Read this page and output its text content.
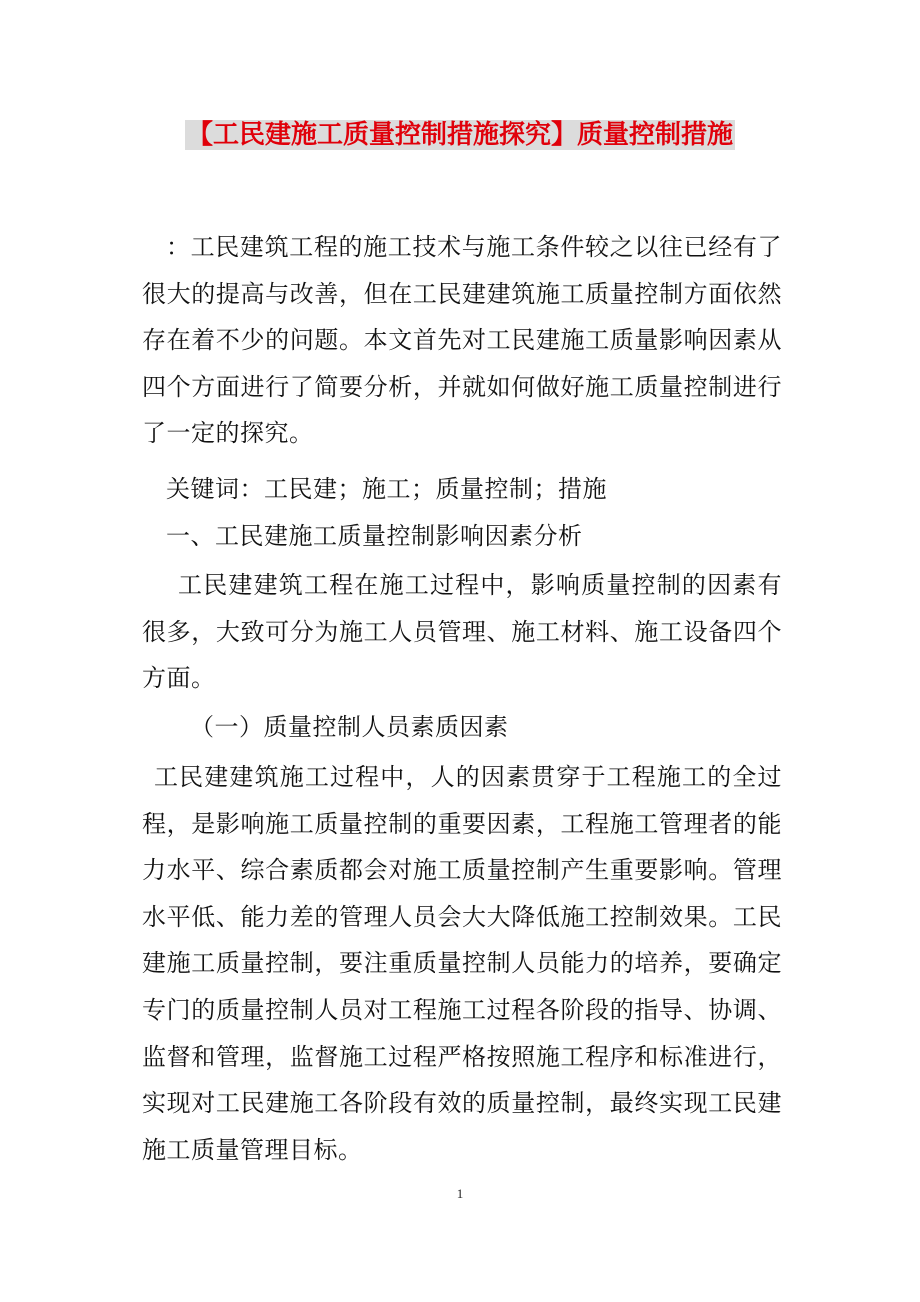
【工民建施工质量控制措施探究】质量控制措施
：工民建筑工程的施工技术与施工条件较之以往已经有了很大的提高与改善，但在工民建建筑施工质量控制方面依然存在着不少的问题。本文首先对工民建施工质量影响因素从四个方面进行了简要分析，并就如何做好施工质量控制进行了一定的探究。
关键词：工民建；施工；质量控制；措施
一、工民建施工质量控制影响因素分析
工民建建筑工程在施工过程中，影响质量控制的因素有很多，大致可分为施工人员管理、施工材料、施工设备四个方面。
（一）质量控制人员素质因素
工民建建筑施工过程中，人的因素贯穿于工程施工的全过程，是影响施工质量控制的重要因素，工程施工管理者的能力水平、综合素质都会对施工质量控制产生重要影响。管理水平低、能力差的管理人员会大大降低施工控制效果。工民建施工质量控制，要注重质量控制人员能力的培养，要确定专门的质量控制人员对工程施工过程各阶段的指导、协调、监督和管理，监督施工过程严格按照施工程序和标准进行，实现对工民建施工各阶段有效的质量控制，最终实现工民建施工质量管理目标。
1
